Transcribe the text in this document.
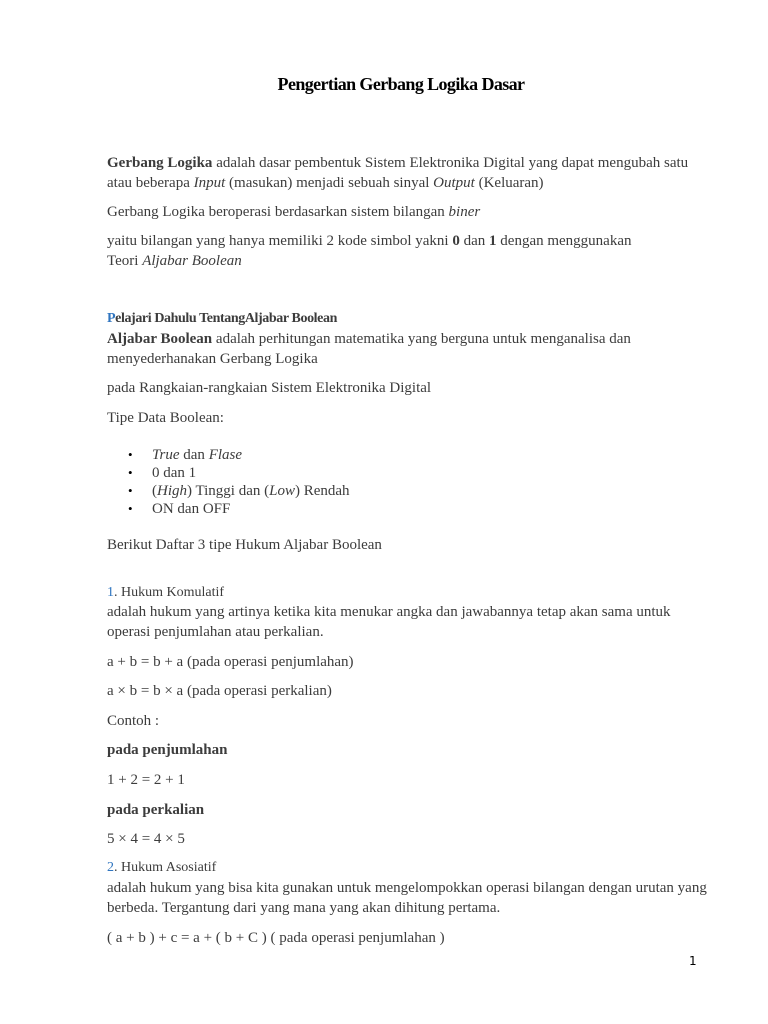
Pengertian Gerbang Logika Dasar
Gerbang Logika adalah dasar pembentuk Sistem Elektronika Digital yang dapat mengubah satu atau beberapa Input (masukan) menjadi sebuah sinyal Output (Keluaran)
Gerbang Logika beroperasi berdasarkan sistem bilangan biner
yaitu bilangan yang hanya memiliki 2 kode simbol yakni 0 dan 1 dengan menggunakan
Teori Aljabar Boolean
Pelajari Dahulu TentangAljabar Boolean
Aljabar Boolean adalah perhitungan matematika yang berguna untuk menganalisa dan menyederhanakan Gerbang Logika
pada Rangkaian-rangkaian Sistem Elektronika Digital
Tipe Data Boolean:
• True dan Flase
• 0 dan 1
• (High) Tinggi dan (Low) Rendah
• ON dan OFF
Berikut Daftar 3 tipe Hukum Aljabar Boolean
1. Hukum Komulatif
adalah hukum yang artinya ketika kita menukar angka dan jawabannya tetap akan sama untuk operasi penjumlahan atau perkalian.
a + b = b + a (pada operasi penjumlahan)
a × b = b × a (pada operasi perkalian)
Contoh :
pada penjumlahan
1 + 2 = 2 + 1
pada perkalian
5 × 4 = 4 × 5
2. Hukum Asosiatif
adalah hukum yang bisa kita gunakan untuk mengelompokkan operasi bilangan dengan urutan yang berbeda. Tergantung dari yang mana yang akan dihitung pertama.
( a + b ) + c = a + ( b + C ) ( pada operasi penjumlahan )
1
